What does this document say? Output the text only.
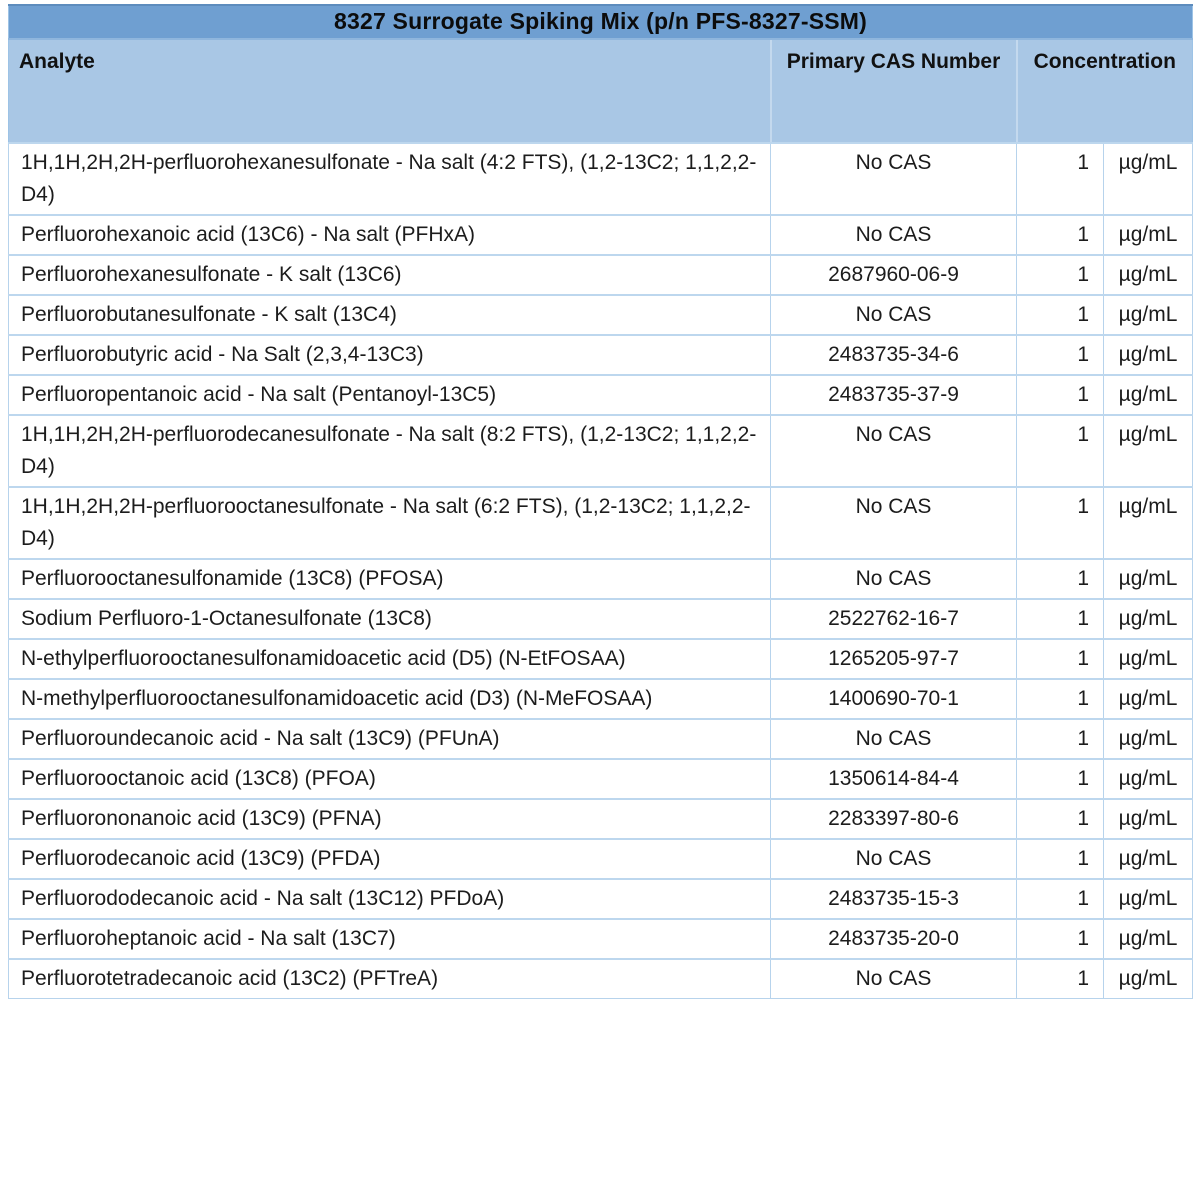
8327 Surrogate Spiking Mix (p/n PFS-8327-SSM)			
Analyte	Primary CAS Number	Concentration	
1H,1H,2H,2H-perfluorohexanesulfonate - Na salt (4:2 FTS), (1,2-13C2; 1,1,2,2-D4)	No CAS	1	µg/mL
Perfluorohexanoic acid (13C6) - Na salt (PFHxA)	No CAS	1	µg/mL
Perfluorohexanesulfonate - K salt (13C6)	2687960-06-9	1	µg/mL
Perfluorobutanesulfonate - K salt (13C4)	No CAS	1	µg/mL
Perfluorobutyric acid - Na Salt (2,3,4-13C3)	2483735-34-6	1	µg/mL
Perfluoropentanoic acid - Na salt (Pentanoyl-13C5)	2483735-37-9	1	µg/mL
1H,1H,2H,2H-perfluorodecanesulfonate - Na salt (8:2 FTS), (1,2-13C2; 1,1,2,2-D4)	No CAS	1	µg/mL
1H,1H,2H,2H-perfluorooctanesulfonate - Na salt (6:2 FTS), (1,2-13C2; 1,1,2,2-D4)	No CAS	1	µg/mL
Perfluorooctanesulfonamide (13C8) (PFOSA)	No CAS	1	µg/mL
Sodium Perfluoro-1-Octanesulfonate (13C8)	2522762-16-7	1	µg/mL
N-ethylperfluorooctanesulfonamidoacetic acid (D5) (N-EtFOSAA)	1265205-97-7	1	µg/mL
N-methylperfluorooctanesulfonamidoacetic acid (D3) (N-MeFOSAA)	1400690-70-1	1	µg/mL
Perfluoroundecanoic acid - Na salt (13C9) (PFUnA)	No CAS	1	µg/mL
Perfluorooctanoic acid (13C8) (PFOA)	1350614-84-4	1	µg/mL
Perfluorononanoic acid (13C9) (PFNA)	2283397-80-6	1	µg/mL
Perfluorodecanoic acid (13C9) (PFDA)	No CAS	1	µg/mL
Perfluorododecanoic acid - Na salt (13C12) PFDoA)	2483735-15-3	1	µg/mL
Perfluoroheptanoic acid - Na salt (13C7)	2483735-20-0	1	µg/mL
Perfluorotetradecanoic acid (13C2) (PFTreA)	No CAS	1	µg/mL
